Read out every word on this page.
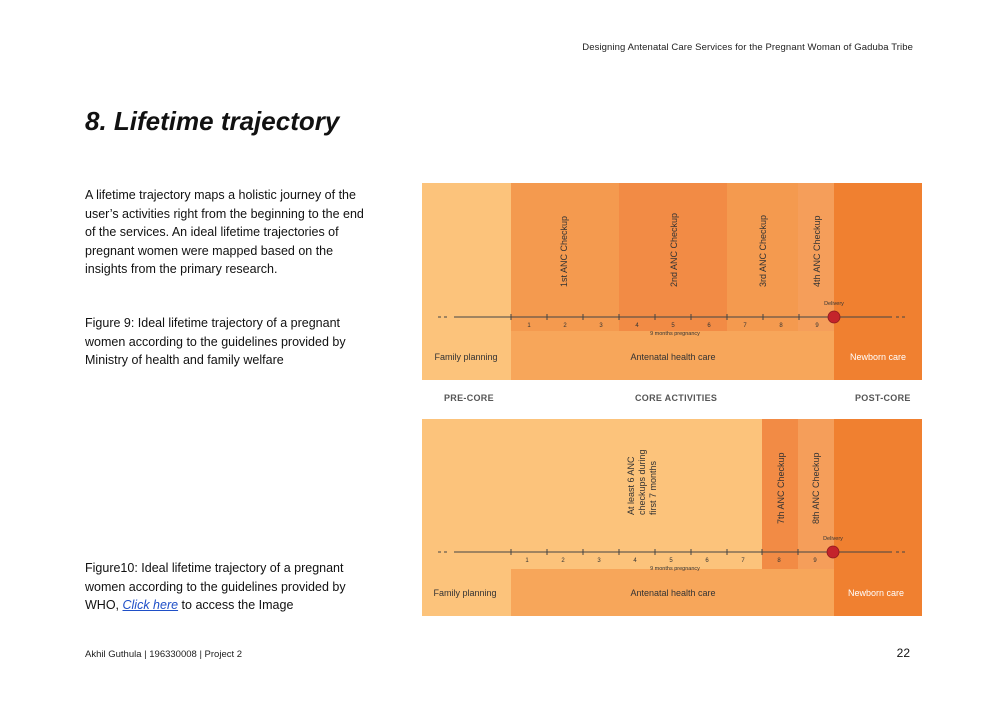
Designing Antenatal Care Services for the Pregnant Woman of Gaduba Tribe
8. Lifetime trajectory

A lifetime trajectory maps a holistic journey of the user’s activities right from the beginning to the end of the services. An ideal lifetime trajectories of pregnant women were mapped based on the insights from the primary research.

Figure 9: Ideal lifetime trajectory of a pregnant women according to the guidelines provided by Ministry of health and family welfare

Figure10: Ideal lifetime trajectory of a pregnant women according to the guidelines provided by WHO, Click here to access the Image

1st ANC Checkup	2nd ANC Checkup	3rd ANC Checkup	4th ANC Checkup
1	2	3	4	5	6	7	8	9
9 months pregnancy
Delivery
Family planning	Antenatal health care	Newborn care
PRE-CORE	CORE ACTIVITIES	POST-CORE
At least 6 ANC checkups during first 7 months	7th ANC Checkup	8th ANC Checkup
1	2	3	4	5	6	7	8	9
9 months pregnancy
Delivery
Family planning	Antenatal health care	Newborn care
Akhil Guthula | 196330008 | Project 2	22
